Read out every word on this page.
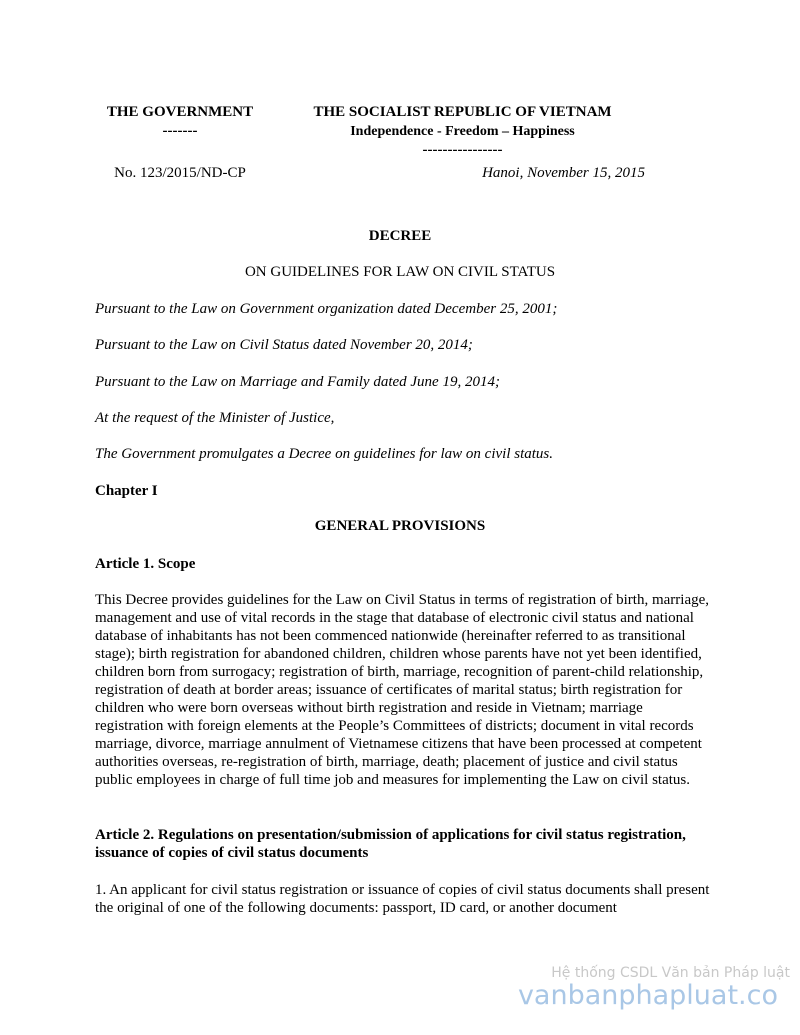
THE GOVERNMENT
-------
THE SOCIALIST REPUBLIC OF VIETNAM
Independence - Freedom – Happiness
----------------
No. 123/2015/ND-CP	Hanoi, November 15, 2015
DECREE
ON GUIDELINES FOR LAW ON CIVIL STATUS
Pursuant to the Law on Government organization dated December 25, 2001;
Pursuant to the Law on Civil Status dated November 20, 2014;
Pursuant to the Law on Marriage and Family dated June 19, 2014;
At the request of the Minister of Justice,
The Government promulgates a Decree on guidelines for law on civil status.
Chapter I
GENERAL PROVISIONS
Article 1. Scope
This Decree provides guidelines for the Law on Civil Status in terms of registration of birth, marriage, management and use of vital records in the stage that database of electronic civil status and national database of inhabitants has not been commenced nationwide (hereinafter referred to as transitional stage); birth registration for abandoned children, children whose parents have not yet been identified, children born from surrogacy; registration of birth, marriage, recognition of parent-child relationship, registration of death at border areas; issuance of certificates of marital status; birth registration for children who were born overseas without birth registration and reside in Vietnam; marriage registration with foreign elements at the People’s Committees of districts; document in vital records marriage, divorce, marriage annulment of Vietnamese citizens that have been processed at competent authorities overseas, re-registration of birth, marriage, death; placement of justice and civil status public employees in charge of full time job and measures for implementing the Law on civil status.
Article 2. Regulations on presentation/submission of applications for civil status registration, issuance of copies of civil status documents
1. An applicant for civil status registration or issuance of copies of civil status documents shall present the original of one of the following documents: passport, ID card, or another document
Hệ thống CSDL Văn bản Pháp luật
vanbanphapluat.co
